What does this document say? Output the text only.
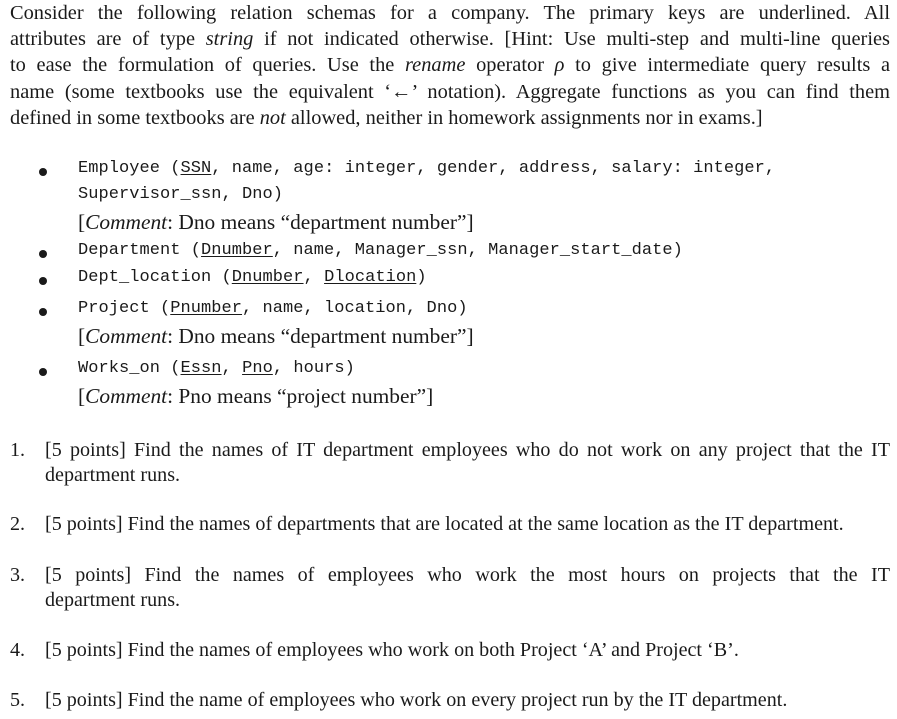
Consider the following relation schemas for a company. The primary keys are underlined. All
attributes are of type string if not indicated otherwise. [Hint: Use multi-step and multi-line queries
to ease the formulation of queries. Use the rename operator ρ to give intermediate query results a
name (some textbooks use the equivalent ‘←’ notation). Aggregate functions as you can find them
defined in some textbooks are not allowed, neither in homework assignments nor in exams.]
Employee (SSN, name, age: integer, gender, address, salary: integer,
Supervisor_ssn, Dno)
[Comment: Dno means “department number”]
Department (Dnumber, name, Manager_ssn, Manager_start_date)
Dept_location (Dnumber, Dlocation)
Project (Pnumber, name, location, Dno)
[Comment: Dno means “department number”]
Works_on (Essn, Pno, hours)
[Comment: Pno means “project number”]
1. [5 points] Find the names of IT department employees who do not work on any project that the IT
department runs.
2. [5 points] Find the names of departments that are located at the same location as the IT department.
3. [5 points] Find the names of employees who work the most hours on projects that the IT
department runs.
4. [5 points] Find the names of employees who work on both Project ‘A’ and Project ‘B’.
5. [5 points] Find the name of employees who work on every project run by the IT department.
